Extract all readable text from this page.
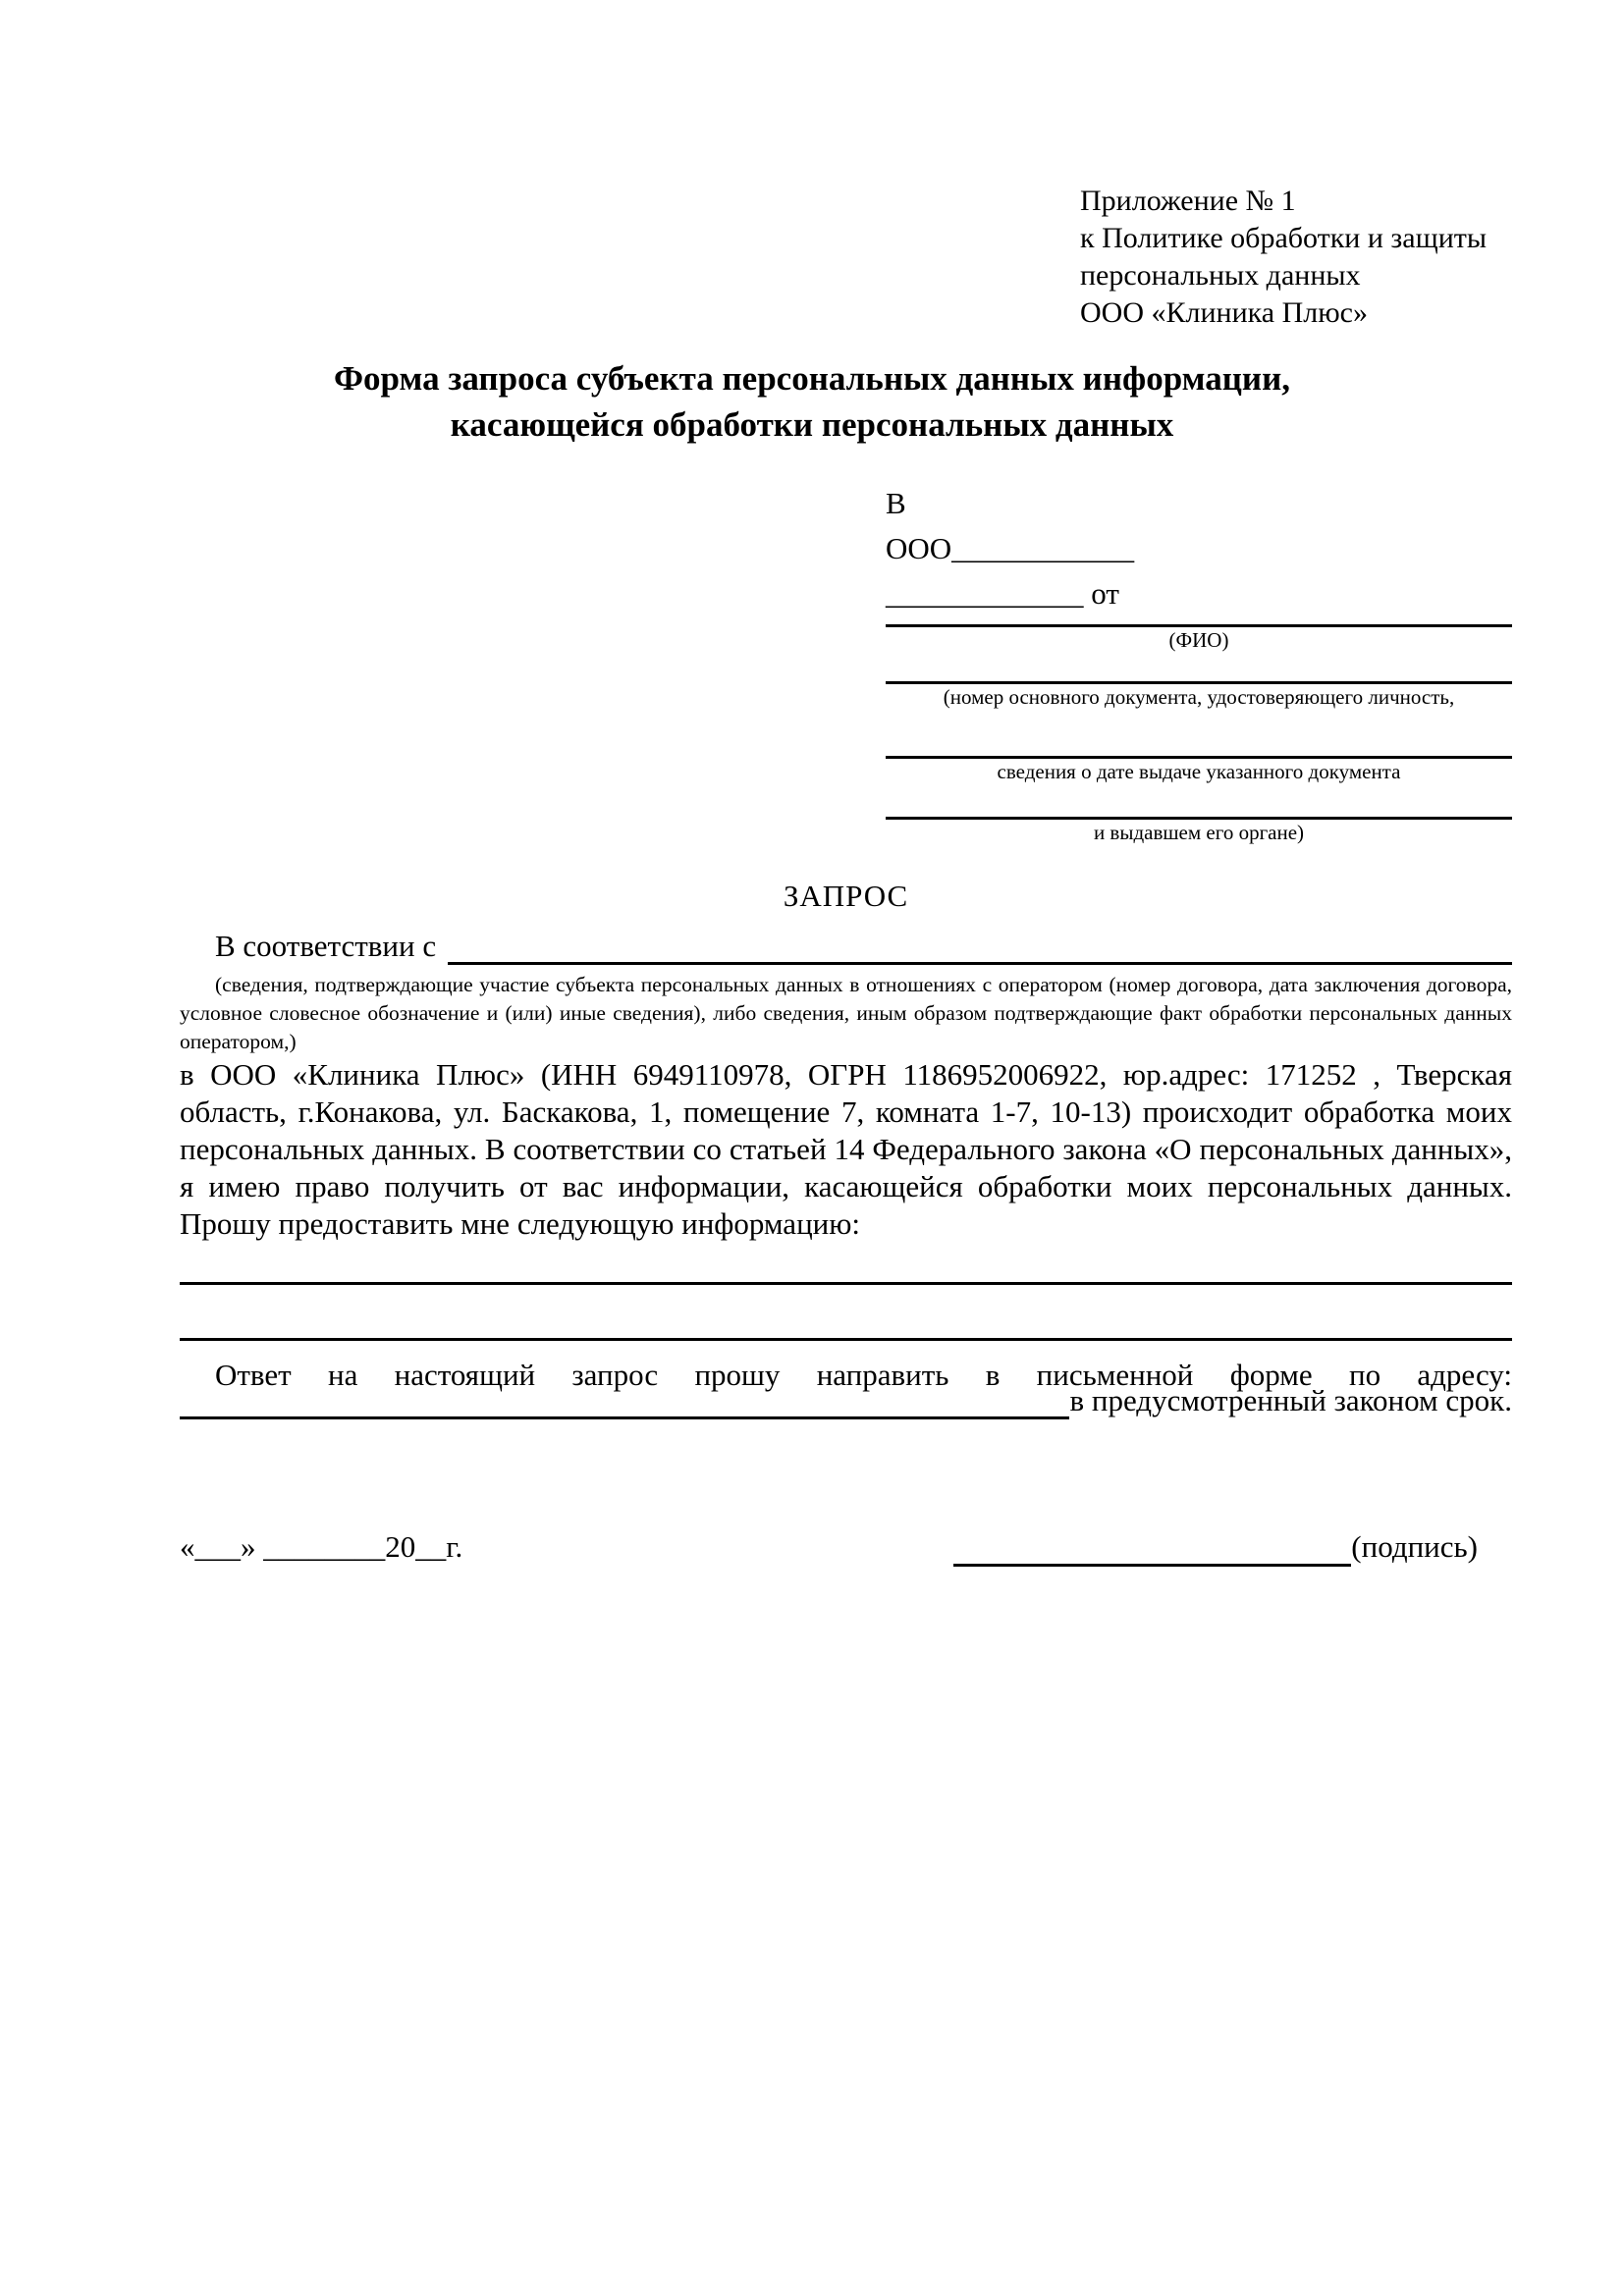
Приложение № 1
к Политике обработки и защиты
персональных данных
ООО «Клиника Плюс»
Форма запроса субъекта персональных данных информации,
касающейся обработки персональных данных
В
ООО____________
_____________ от
(ФИО)
(номер основного документа, удостоверяющего личность,
сведения о дате выдаче указанного документа
и выдавшем его органе)
ЗАПРОС
В соответствии с
(сведения, подтверждающие участие субъекта персональных данных в отношениях с оператором (номер договора, дата заключения договора, условное словесное обозначение и (или) иные сведения), либо сведения, иным образом подтверждающие факт обработки персональных данных оператором,)
в ООО «Клиника Плюс» (ИНН 6949110978, ОГРН 1186952006922, юр.адрес: 171252 , Тверская область, г.Конакова, ул. Баскакова, 1, помещение 7, комната 1-7, 10-13) происходит обработка моих персональных данных. В соответствии со статьей 14 Федерального закона «О персональных данных», я имею право получить от вас информации, касающейся обработки моих персональных данных. Прошу предоставить мне следующую информацию:
Ответ на настоящий запрос прошу направить в письменной форме по адресу:
в предусмотренный законом срок.
«___» ________20__г.	(подпись)
